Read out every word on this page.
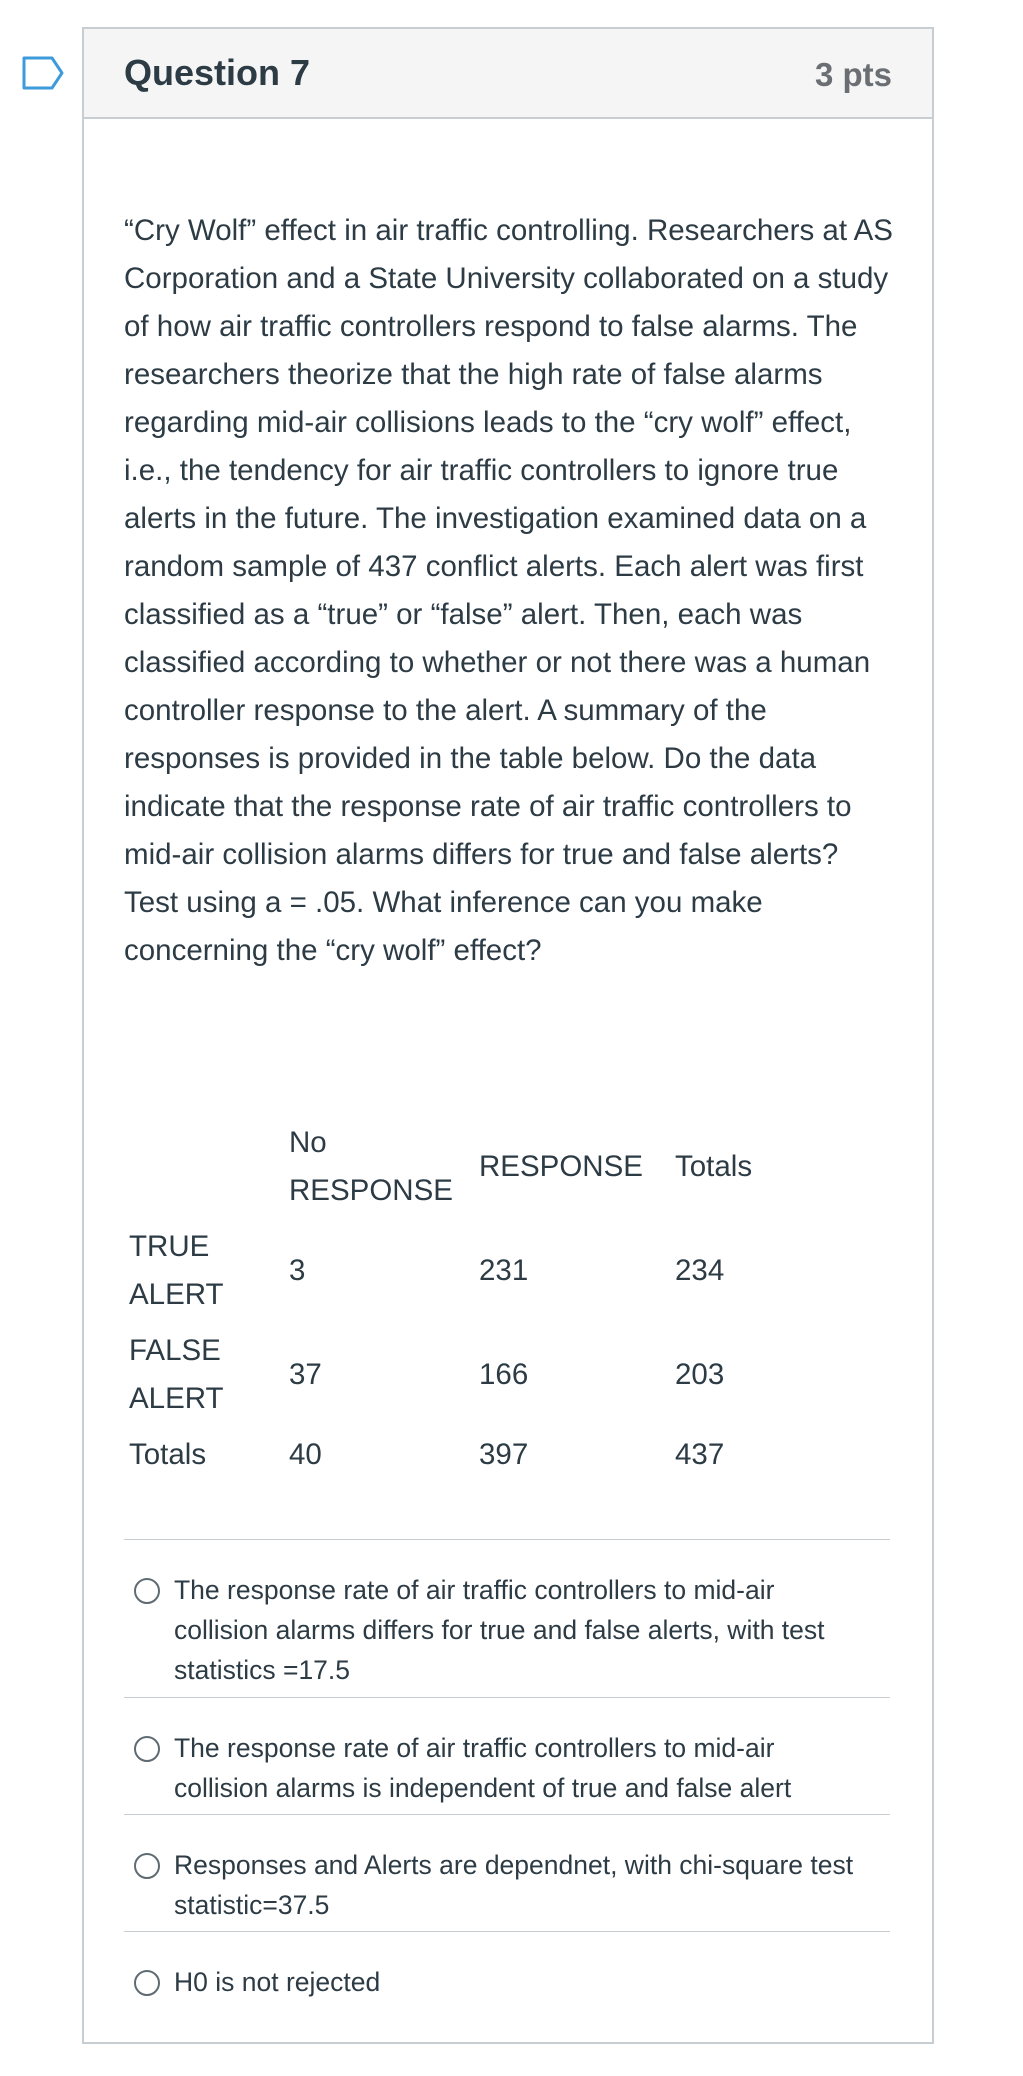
Question 7	3 pts

“Cry Wolf” effect in air traffic controlling. Researchers at AS Corporation and a State University collaborated on a study of how air traffic controllers respond to false alarms. The researchers theorize that the high rate of false alarms regarding mid-air collisions leads to the “cry wolf” effect, i.e., the tendency for air traffic controllers to ignore true alerts in the future. The investigation examined data on a random sample of 437 conflict alerts. Each alert was first classified as a “true” or “false” alert. Then, each was classified according to whether or not there was a human controller response to the alert. A summary of the responses is provided in the table below. Do the data indicate that the response rate of air traffic controllers to mid-air collision alarms differs for true and false alerts? Test using a = .05. What inference can you make concerning the “cry wolf” effect?

	No RESPONSE	RESPONSE	Totals
TRUE ALERT	3	231	234
FALSE ALERT	37	166	203
Totals	40	397	437
The response rate of air traffic controllers to mid-air collision alarms differs for true and false alerts, with test statistics =17.5
The response rate of air traffic controllers to mid-air collision alarms is independent of true and false alert
Responses and Alerts are dependnet, with chi-square test statistic=37.5
H0 is not rejected
